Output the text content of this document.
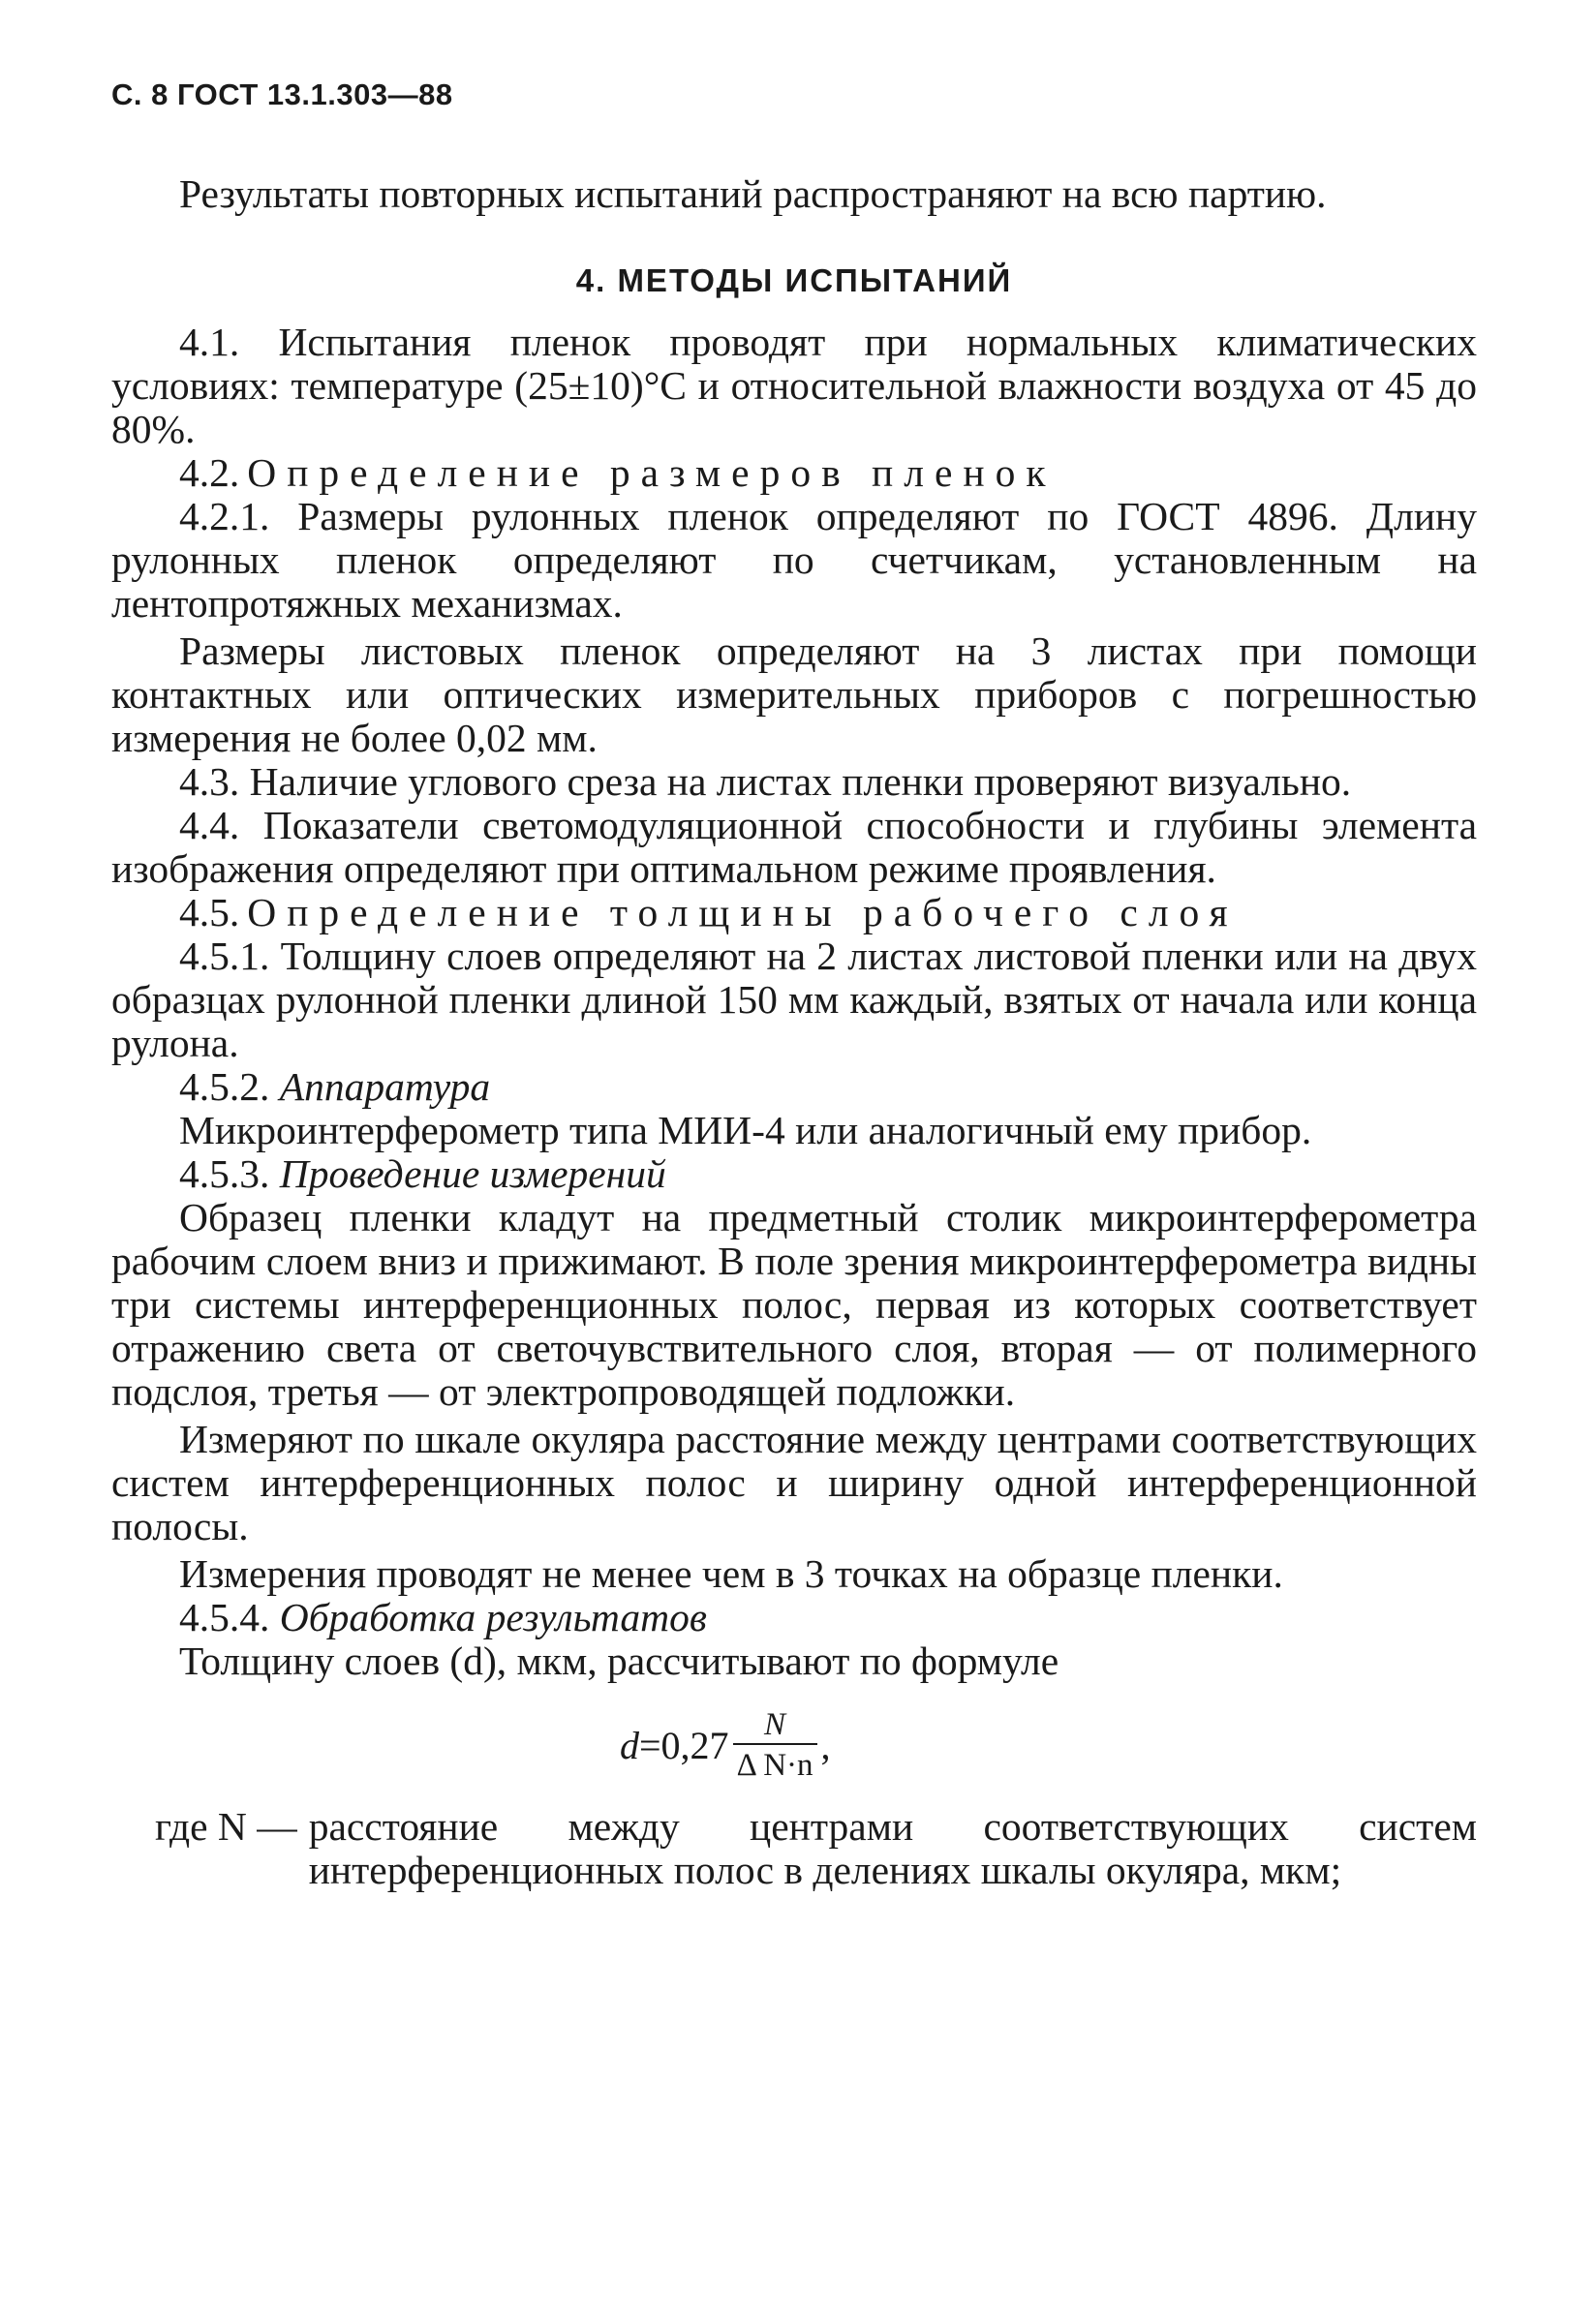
С. 8 ГОСТ 13.1.303—88

Результаты повторных испытаний распространяют на всю партию.

4. МЕТОДЫ ИСПЫТАНИЙ

4.1. Испытания пленок проводят при нормальных климатических условиях: температуре (25±10)°С и относительной влажности воздуха от 45 до 80%.

4.2. Определение размеров пленок

4.2.1. Размеры рулонных пленок определяют по ГОСТ 4896. Длину рулонных пленок определяют по счетчикам, установленным на лентопротяжных механизмах.

Размеры листовых пленок определяют на 3 листах при помощи контактных или оптических измерительных приборов с погрешностью измерения не более 0,02 мм.

4.3. Наличие углового среза на листах пленки проверяют визуально.

4.4. Показатели светомодуляционной способности и глубины элемента изображения определяют при оптимальном режиме проявления.

4.5. Определение толщины рабочего слоя

4.5.1. Толщину слоев определяют на 2 листах листовой пленки или на двух образцах рулонной пленки длиной 150 мм каждый, взятых от начала или конца рулона.

4.5.2. Аппаратура

Микроинтерферометр типа МИИ-4 или аналогичный ему прибор.

4.5.3. Проведение измерений

Образец пленки кладут на предметный столик микроинтерферометра рабочим слоем вниз и прижимают. В поле зрения микроинтерферометра видны три системы интерференционных полос, первая из которых соответствует отражению света от светочувствительного слоя, вторая — от полимерного подслоя, третья — от электропроводящей подложки.

Измеряют по шкале окуляра расстояние между центрами соответствующих систем интерференционных полос и ширину одной интерференционной полосы.

Измерения проводят не менее чем в 3 точках на образце пленки.

4.5.4. Обработка результатов

Толщину слоев (d), мкм, рассчитывают по формуле

$d =0,27 \frac{N}{\text{Δ N·n}}$ ,
где N — расстояние между центрами соответствующих систем интерференционных полос в делениях шкалы окуляра, мкм;
